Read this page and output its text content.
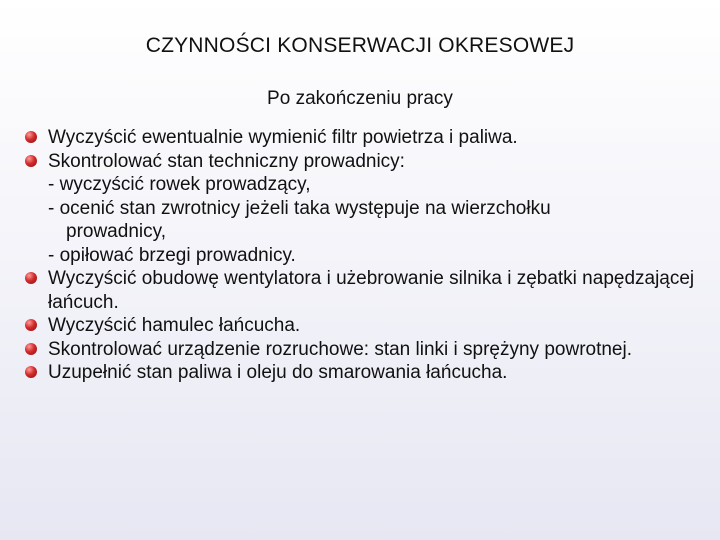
CZYNNOŚCI KONSERWACJI OKRESOWEJ
Po zakończeniu pracy
Wyczyścić ewentualnie wymienić filtr powietrza i paliwa.
Skontrolować stan techniczny prowadnicy:
- wyczyścić rowek prowadzący,
- ocenić stan zwrotnicy jeżeli taka występuje na wierzchołku
prowadnicy,
- opiłować brzegi prowadnicy.
Wyczyścić obudowę wentylatora i użebrowanie silnika i zębatki napędzającej łańcuch.
Wyczyścić hamulec łańcucha.
Skontrolować urządzenie rozruchowe: stan linki i sprężyny powrotnej.
Uzupełnić stan paliwa i oleju do smarowania łańcucha.
